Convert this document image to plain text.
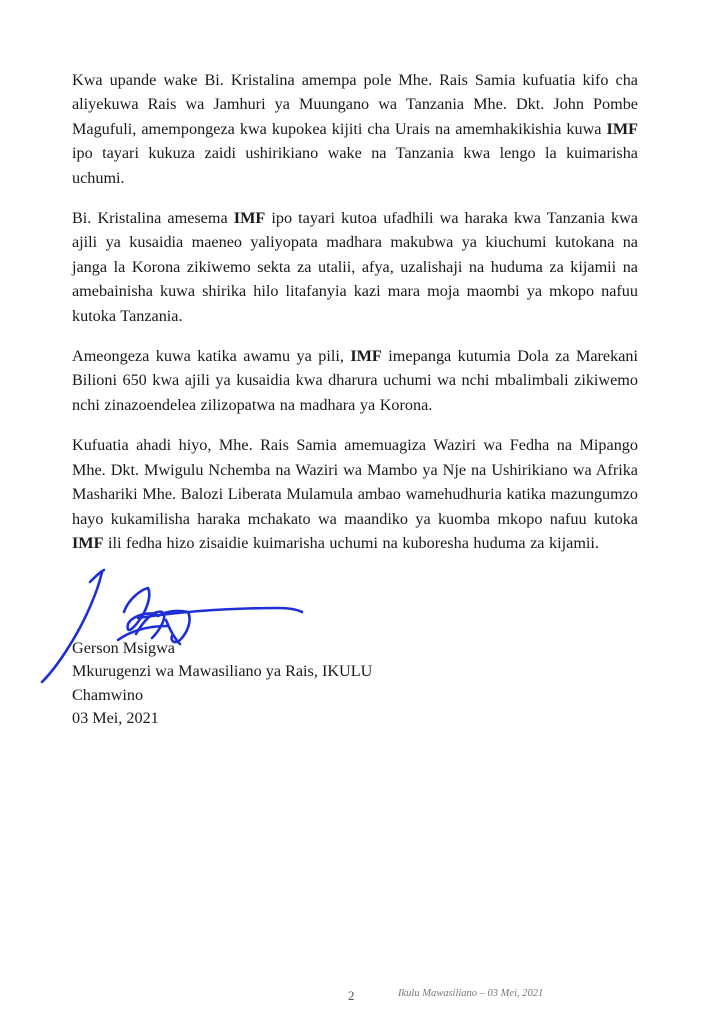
Kwa upande wake Bi. Kristalina amempa pole Mhe. Rais Samia kufuatia kifo cha aliyekuwa Rais wa Jamhuri ya Muungano wa Tanzania Mhe. Dkt. John Pombe Magufuli, amempongeza kwa kupokea kijiti cha Urais na amemhakikishia kuwa IMF ipo tayari kukuza zaidi ushirikiano wake na Tanzania kwa lengo la kuimarisha uchumi.

Bi. Kristalina amesema IMF ipo tayari kutoa ufadhili wa haraka kwa Tanzania kwa ajili ya kusaidia maeneo yaliyopata madhara makubwa ya kiuchumi kutokana na janga la Korona zikiwemo sekta za utalii, afya, uzalishaji na huduma za kijamii na amebainisha kuwa shirika hilo litafanyia kazi mara moja maombi ya mkopo nafuu kutoka Tanzania.

Ameongeza kuwa katika awamu ya pili, IMF imepanga kutumia Dola za Marekani Bilioni 650 kwa ajili ya kusaidia kwa dharura uchumi wa nchi mbalimbali zikiwemo nchi zinazoendelea zilizopatwa na madhara ya Korona.

Kufuatia ahadi hiyo, Mhe. Rais Samia amemuagiza Waziri wa Fedha na Mipango Mhe. Dkt. Mwigulu Nchemba na Waziri wa Mambo ya Nje na Ushirikiano wa Afrika Mashariki Mhe. Balozi Liberata Mulamula ambao wamehudhuria katika mazungumzo hayo kukamilisha haraka mchakato wa maandiko ya kuomba mkopo nafuu kutoka IMF ili fedha hizo zisaidie kuimarisha uchumi na kuboresha huduma za kijamii.

Gerson Msigwa
Mkurugenzi wa Mawasiliano ya Rais, IKULU
Chamwino
03 Mei, 2021
2	Ikulu Mawasiliano – 03 Mei, 2021
